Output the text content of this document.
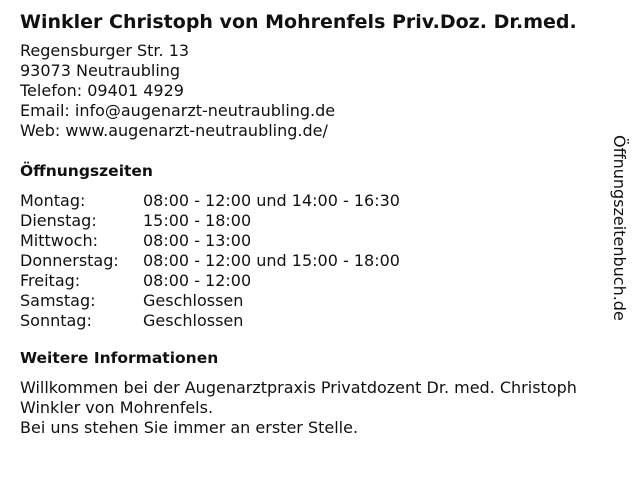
Winkler Christoph von Mohrenfels Priv.Doz. Dr.med.
Regensburger Str. 13
93073 Neutraubling
Telefon: 09401 4929
Email: info@augenarzt-neutraubling.de
Web: www.augenarzt-neutraubling.de/
Öffnungszeiten
Montag:	08:00 - 12:00 und 14:00 - 16:30
Dienstag:	15:00 - 18:00
Mittwoch:	08:00 - 13:00
Donnerstag:	08:00 - 12:00 und 15:00 - 18:00
Freitag:	08:00 - 12:00
Samstag:	Geschlossen
Sonntag:	Geschlossen
Weitere Informationen
Willkommen bei der Augenarztpraxis Privatdozent Dr. med. Christoph
Winkler von Mohrenfels.
Bei uns stehen Sie immer an erster Stelle.
Öffnungszeitenbuch.de
